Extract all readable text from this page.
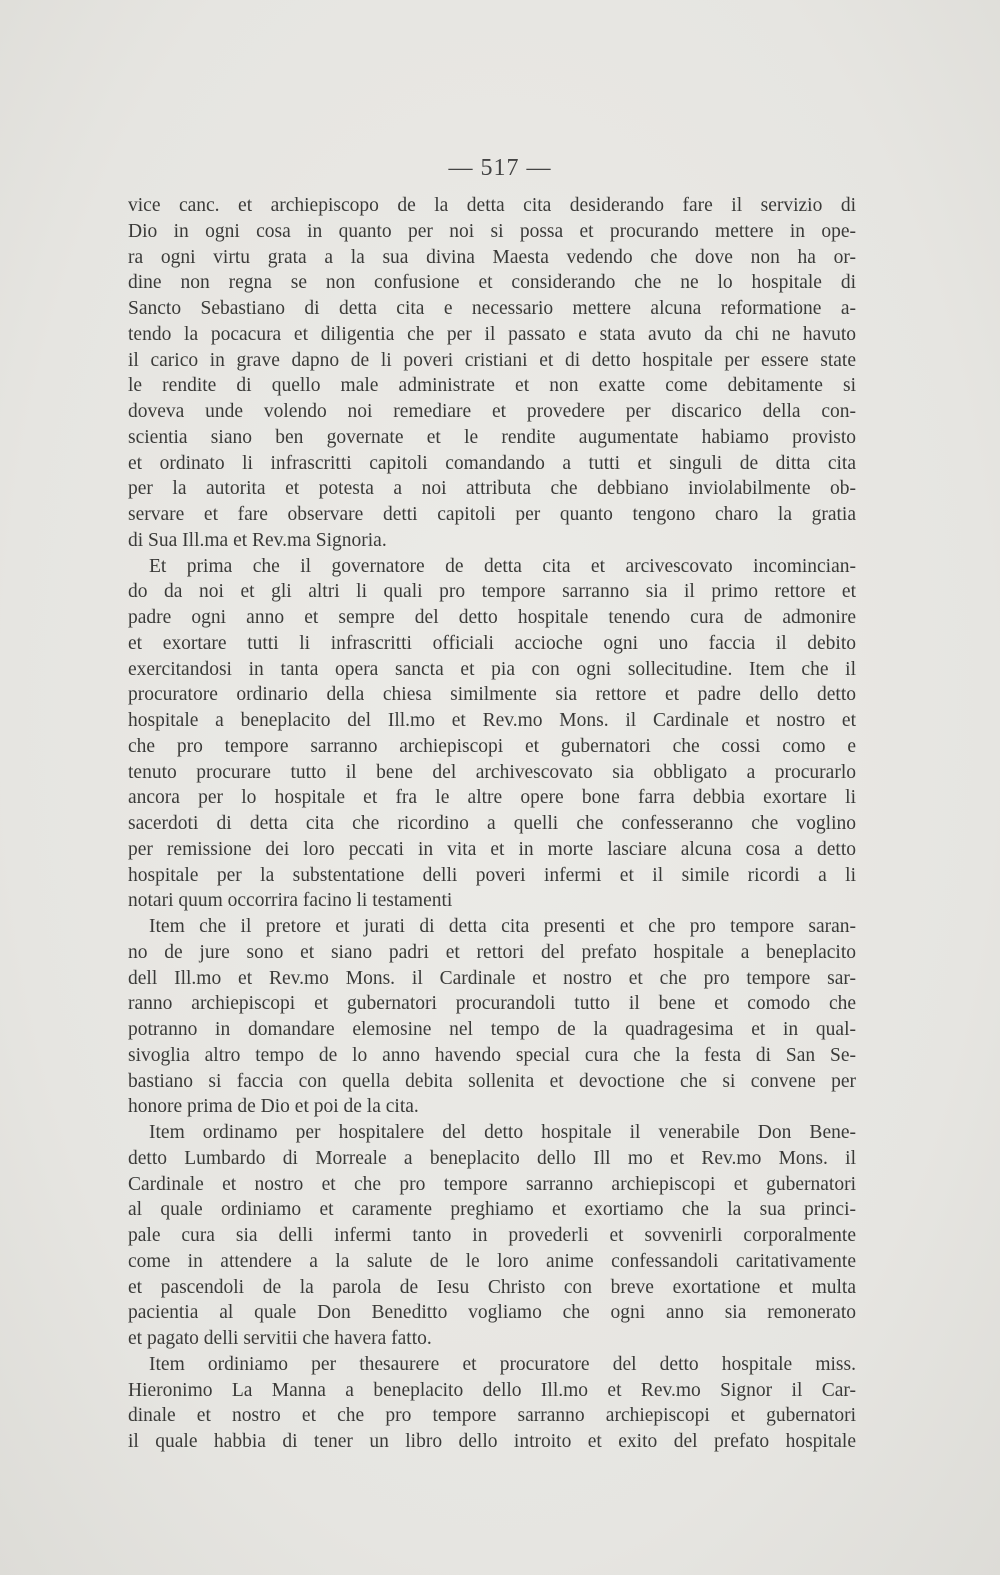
— 517 —
vice canc. et archiepiscopo de la detta cita desiderando fare il servizio di
Dio in ogni cosa in quanto per noi si possa et procurando mettere in ope-
ra ogni virtu grata a la sua divina Maesta vedendo che dove non ha or-
dine non regna se non confusione et considerando che ne lo hospitale di
Sancto Sebastiano di detta cita e necessario mettere alcuna reformatione a-
tendo la pocacura et diligentia che per il passato e stata avuto da chi ne havuto
il carico in grave dapno de li poveri cristiani et di detto hospitale per essere state
le rendite di quello male administrate et non exatte come debitamente si
doveva unde volendo noi remediare et provedere per discarico della con-
scientia siano ben governate et le rendite augumentate habiamo provisto
et ordinato li infrascritti capitoli comandando a tutti et singuli de ditta cita
per la autorita et potesta a noi attributa che debbiano inviolabilmente ob-
servare et fare observare detti capitoli per quanto tengono charo la gratia
di Sua Ill.ma et Rev.ma Signoria.
Et prima che il governatore de detta cita et arcivescovato incomincian-
do da noi et gli altri li quali pro tempore sarranno sia il primo rettore et
padre ogni anno et sempre del detto hospitale tenendo cura de admonire
et exortare tutti li infrascritti officiali accioche ogni uno faccia il debito
exercitandosi in tanta opera sancta et pia con ogni sollecitudine. Item che il
procuratore ordinario della chiesa similmente sia rettore et padre dello detto
hospitale a beneplacito del Ill.mo et Rev.mo Mons. il Cardinale et nostro et
che pro tempore sarranno archiepiscopi et gubernatori che cossi como e
tenuto procurare tutto il bene del archivescovato sia obbligato a procurarlo
ancora per lo hospitale et fra le altre opere bone farra debbia exortare li
sacerdoti di detta cita che ricordino a quelli che confesseranno che voglino
per remissione dei loro peccati in vita et in morte lasciare alcuna cosa a detto
hospitale per la substentatione delli poveri infermi et il simile ricordi a li
notari quum occorrira facino li testamenti
Item che il pretore et jurati di detta cita presenti et che pro tempore saran-
no de jure sono et siano padri et rettori del prefato hospitale a beneplacito
dell Ill.mo et Rev.mo Mons. il Cardinale et nostro et che pro tempore sar-
ranno archiepiscopi et gubernatori procurandoli tutto il bene et comodo che
potranno in domandare elemosine nel tempo de la quadragesima et in qual-
sivoglia altro tempo de lo anno havendo special cura che la festa di San Se-
bastiano si faccia con quella debita sollenita et devoctione che si convene per
honore prima de Dio et poi de la cita.
Item ordinamo per hospitalere del detto hospitale il venerabile Don Bene-
detto Lumbardo di Morreale a beneplacito dello Ill mo et Rev.mo Mons. il
Cardinale et nostro et che pro tempore sarranno archiepiscopi et gubernatori
al quale ordiniamo et caramente preghiamo et exortiamo che la sua princi-
pale cura sia delli infermi tanto in provederli et sovvenirli corporalmente
come in attendere a la salute de le loro anime confessandoli caritativamente
et pascendoli de la parola de Iesu Christo con breve exortatione et multa
pacientia al quale Don Beneditto vogliamo che ogni anno sia remonerato
et pagato delli servitii che havera fatto.
Item ordiniamo per thesaurere et procuratore del detto hospitale miss.
Hieronimo La Manna a beneplacito dello Ill.mo et Rev.mo Signor il Car-
dinale et nostro et che pro tempore sarranno archiepiscopi et gubernatori
il quale habbia di tener un libro dello introito et exito del prefato hospitale
